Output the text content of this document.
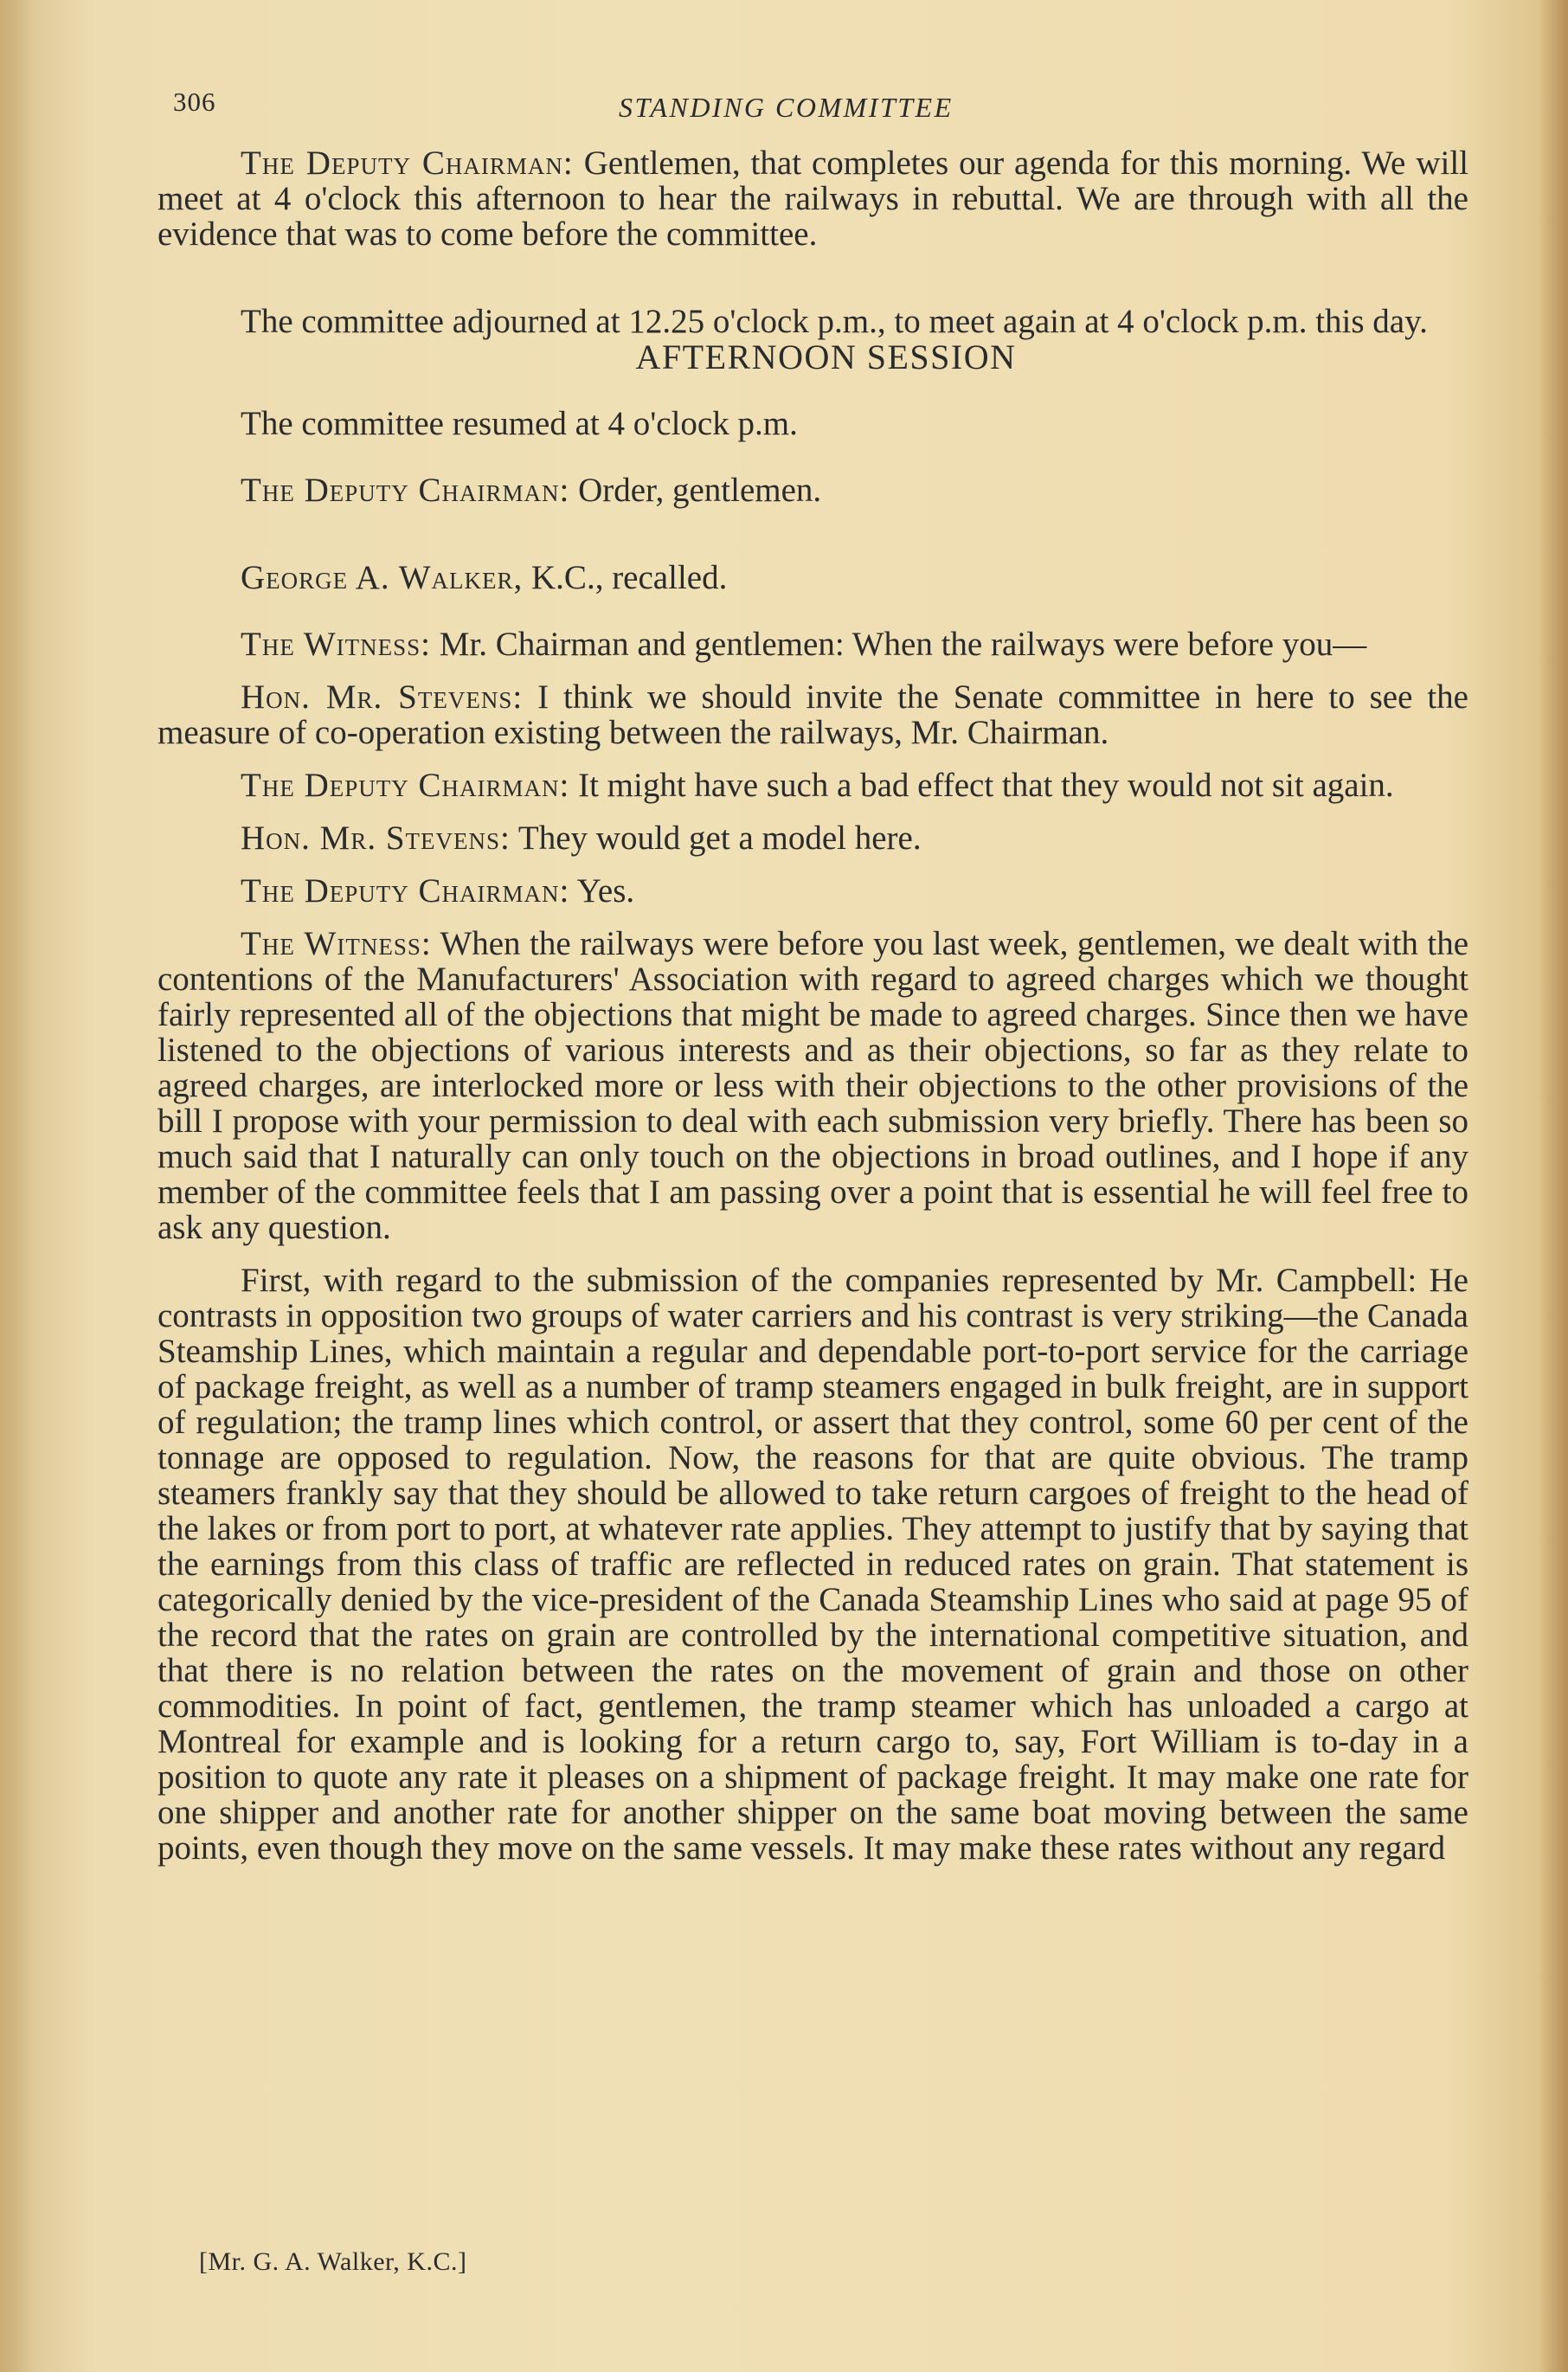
306	STANDING COMMITTEE

The Deputy Chairman: Gentlemen, that completes our agenda for this morning. We will meet at 4 o'clock this afternoon to hear the railways in rebuttal. We are through with all the evidence that was to come before the committee.

The committee adjourned at 12.25 o'clock p.m., to meet again at 4 o'clock p.m. this day.

AFTERNOON SESSION

The committee resumed at 4 o'clock p.m.

The Deputy Chairman: Order, gentlemen.

George A. Walker, K.C., recalled.

The Witness: Mr. Chairman and gentlemen: When the railways were before you—

Hon. Mr. Stevens: I think we should invite the Senate committee in here to see the measure of co-operation existing between the railways, Mr. Chairman.

The Deputy Chairman: It might have such a bad effect that they would not sit again.

Hon. Mr. Stevens: They would get a model here.

The Deputy Chairman: Yes.

The Witness: When the railways were before you last week, gentlemen, we dealt with the contentions of the Manufacturers' Association with regard to agreed charges which we thought fairly represented all of the objections that might be made to agreed charges. Since then we have listened to the objections of various interests and as their objections, so far as they relate to agreed charges, are interlocked more or less with their objections to the other provisions of the bill I propose with your permission to deal with each submission very briefly. There has been so much said that I naturally can only touch on the objections in broad outlines, and I hope if any member of the committee feels that I am passing over a point that is essential he will feel free to ask any question.

First, with regard to the submission of the companies represented by Mr. Campbell: He contrasts in opposition two groups of water carriers and his contrast is very striking—the Canada Steamship Lines, which maintain a regular and dependable port-to-port service for the carriage of package freight, as well as a number of tramp steamers engaged in bulk freight, are in support of regulation; the tramp lines which control, or assert that they control, some 60 per cent of the tonnage are opposed to regulation. Now, the reasons for that are quite obvious. The tramp steamers frankly say that they should be allowed to take return cargoes of freight to the head of the lakes or from port to port, at whatever rate applies. They attempt to justify that by saying that the earnings from this class of traffic are reflected in reduced rates on grain. That statement is categorically denied by the vice-president of the Canada Steamship Lines who said at page 95 of the record that the rates on grain are controlled by the international competitive situation, and that there is no relation between the rates on the movement of grain and those on other commodities. In point of fact, gentlemen, the tramp steamer which has unloaded a cargo at Montreal for example and is looking for a return cargo to, say, Fort William is to-day in a position to quote any rate it pleases on a shipment of package freight. It may make one rate for one shipper and another rate for another shipper on the same boat moving between the same points, even though they move on the same vessels. It may make these rates without any regard

[Mr. G. A. Walker, K.C.]
